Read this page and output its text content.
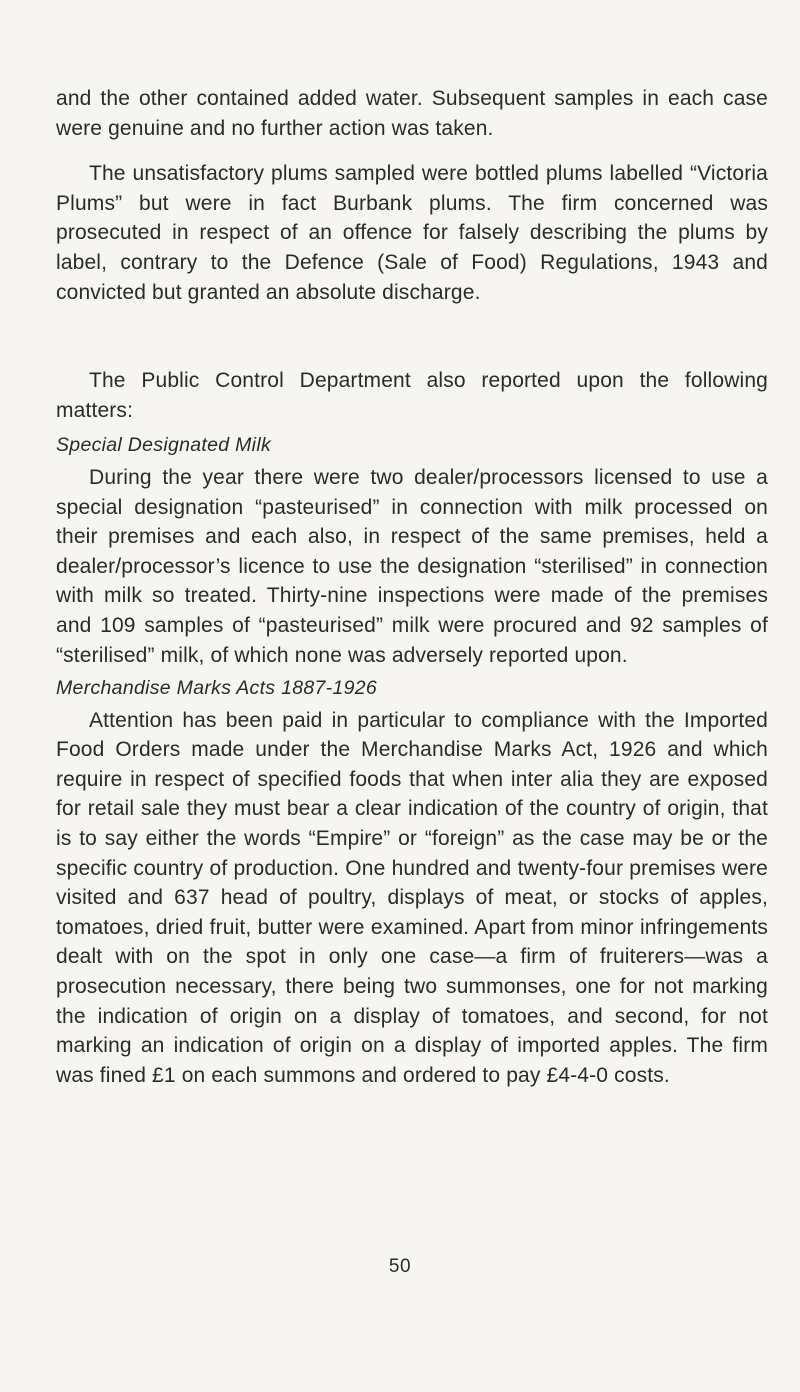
and the other contained added water. Subsequent samples in each case were genuine and no further action was taken.

The unsatisfactory plums sampled were bottled plums labelled “Victoria Plums” but were in fact Burbank plums. The firm concerned was prosecuted in respect of an offence for falsely describing the plums by label, contrary to the Defence (Sale of Food) Regulations, 1943 and convicted but granted an absolute discharge.

The Public Control Department also reported upon the following matters:

Special Designated Milk

During the year there were two dealer/processors licensed to use a special designation “pasteurised” in connection with milk processed on their premises and each also, in respect of the same premises, held a dealer/processor’s licence to use the designation “sterilised” in connection with milk so treated. Thirty-nine inspections were made of the premises and 109 samples of “pasteurised” milk were procured and 92 samples of “sterilised” milk, of which none was adversely reported upon.

Merchandise Marks Acts 1887-1926

Attention has been paid in particular to compliance with the Imported Food Orders made under the Merchandise Marks Act, 1926 and which require in respect of specified foods that when inter alia they are exposed for retail sale they must bear a clear indication of the country of origin, that is to say either the words “Empire” or “foreign” as the case may be or the specific country of production. One hundred and twenty-four premises were visited and 637 head of poultry, displays of meat, or stocks of apples, tomatoes, dried fruit, butter were examined. Apart from minor infringements dealt with on the spot in only one case—a firm of fruiterers—was a prosecution necessary, there being two summonses, one for not marking the indication of origin on a display of tomatoes, and second, for not marking an indication of origin on a display of imported apples. The firm was fined £1 on each summons and ordered to pay £4-4-0 costs.

50
